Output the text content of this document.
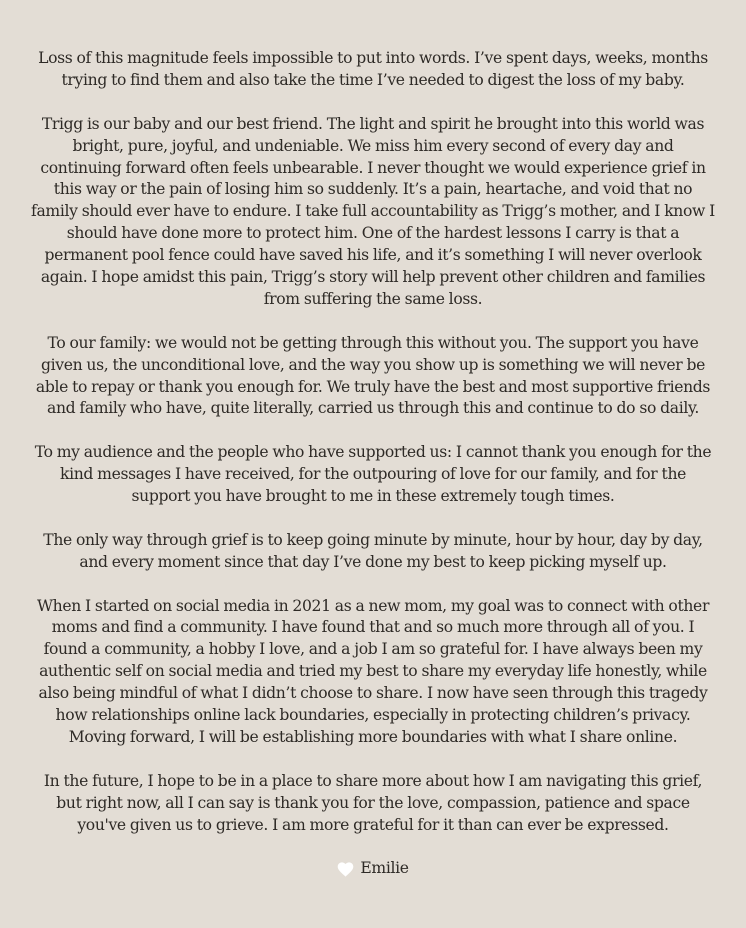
Loss of this magnitude feels impossible to put into words. I’ve spent days, weeks, months trying to find them and also take the time I’ve needed to digest the loss of my baby.

Trigg is our baby and our best friend. The light and spirit he brought into this world was bright, pure, joyful, and undeniable. We miss him every second of every day and continuing forward often feels unbearable. I never thought we would experience grief in this way or the pain of losing him so suddenly. It’s a pain, heartache, and void that no family should ever have to endure. I take full accountability as Trigg’s mother, and I know I should have done more to protect him. One of the hardest lessons I carry is that a permanent pool fence could have saved his life, and it’s something I will never overlook again. I hope amidst this pain, Trigg’s story will help prevent other children and families from suffering the same loss.

To our family: we would not be getting through this without you. The support you have given us, the unconditional love, and the way you show up is something we will never be able to repay or thank you enough for. We truly have the best and most supportive friends and family who have, quite literally, carried us through this and continue to do so daily.

To my audience and the people who have supported us: I cannot thank you enough for the kind messages I have received, for the outpouring of love for our family, and for the support you have brought to me in these extremely tough times.

The only way through grief is to keep going minute by minute, hour by hour, day by day, and every moment since that day I’ve done my best to keep picking myself up.

When I started on social media in 2021 as a new mom, my goal was to connect with other moms and find a community. I have found that and so much more through all of you. I found a community, a hobby I love, and a job I am so grateful for. I have always been my authentic self on social media and tried my best to share my everyday life honestly, while also being mindful of what I didn’t choose to share. I now have seen through this tragedy how relationships online lack boundaries, especially in protecting children’s privacy. Moving forward, I will be establishing more boundaries with what I share online.

In the future, I hope to be in a place to share more about how I am navigating this grief, but right now, all I can say is thank you for the love, compassion, patience and space you've given us to grieve. I am more grateful for it than can ever be expressed.

Emilie
